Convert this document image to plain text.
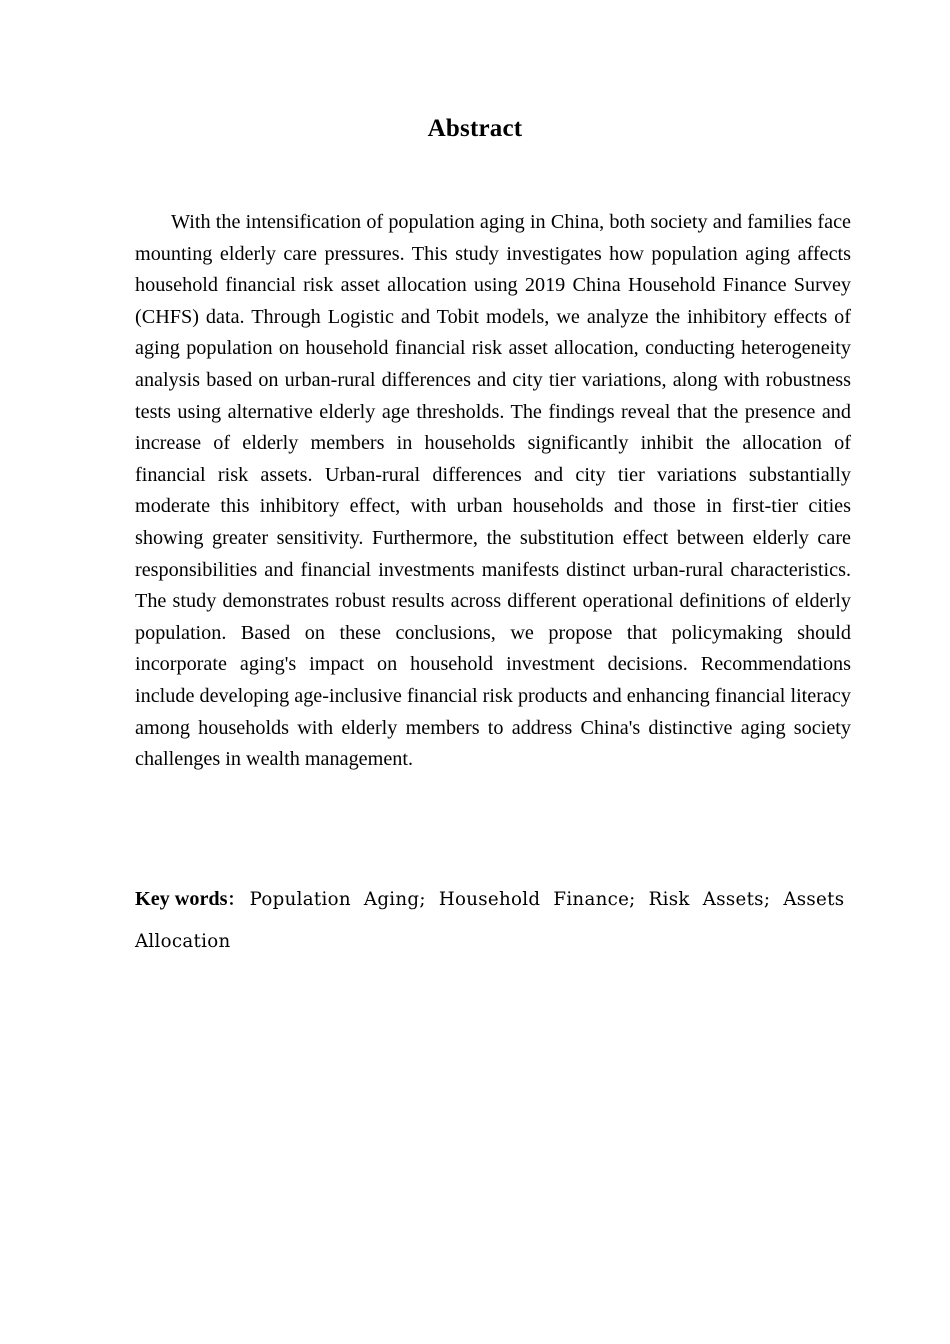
Abstract

With the intensification of population aging in China, both society and families face mounting elderly care pressures. This study investigates how population aging affects household financial risk asset allocation using 2019 China Household Finance Survey (CHFS) data. Through Logistic and Tobit models, we analyze the inhibitory effects of aging population on household financial risk asset allocation, conducting heterogeneity analysis based on urban-rural differences and city tier variations, along with robustness tests using alternative elderly age thresholds. The findings reveal that the presence and increase of elderly members in households significantly inhibit the allocation of financial risk assets. Urban-rural differences and city tier variations substantially moderate this inhibitory effect, with urban households and those in first-tier cities showing greater sensitivity. Furthermore, the substitution effect between elderly care responsibilities and financial investments manifests distinct urban-rural characteristics. The study demonstrates robust results across different operational definitions of elderly population. Based on these conclusions, we propose that policymaking should incorporate aging's impact on household investment decisions. Recommendations include developing age-inclusive financial risk products and enhancing financial literacy among households with elderly members to address China's distinctive aging society challenges in wealth management.

Key words： Population Aging; Household Finance; Risk Assets; Assets Allocation
